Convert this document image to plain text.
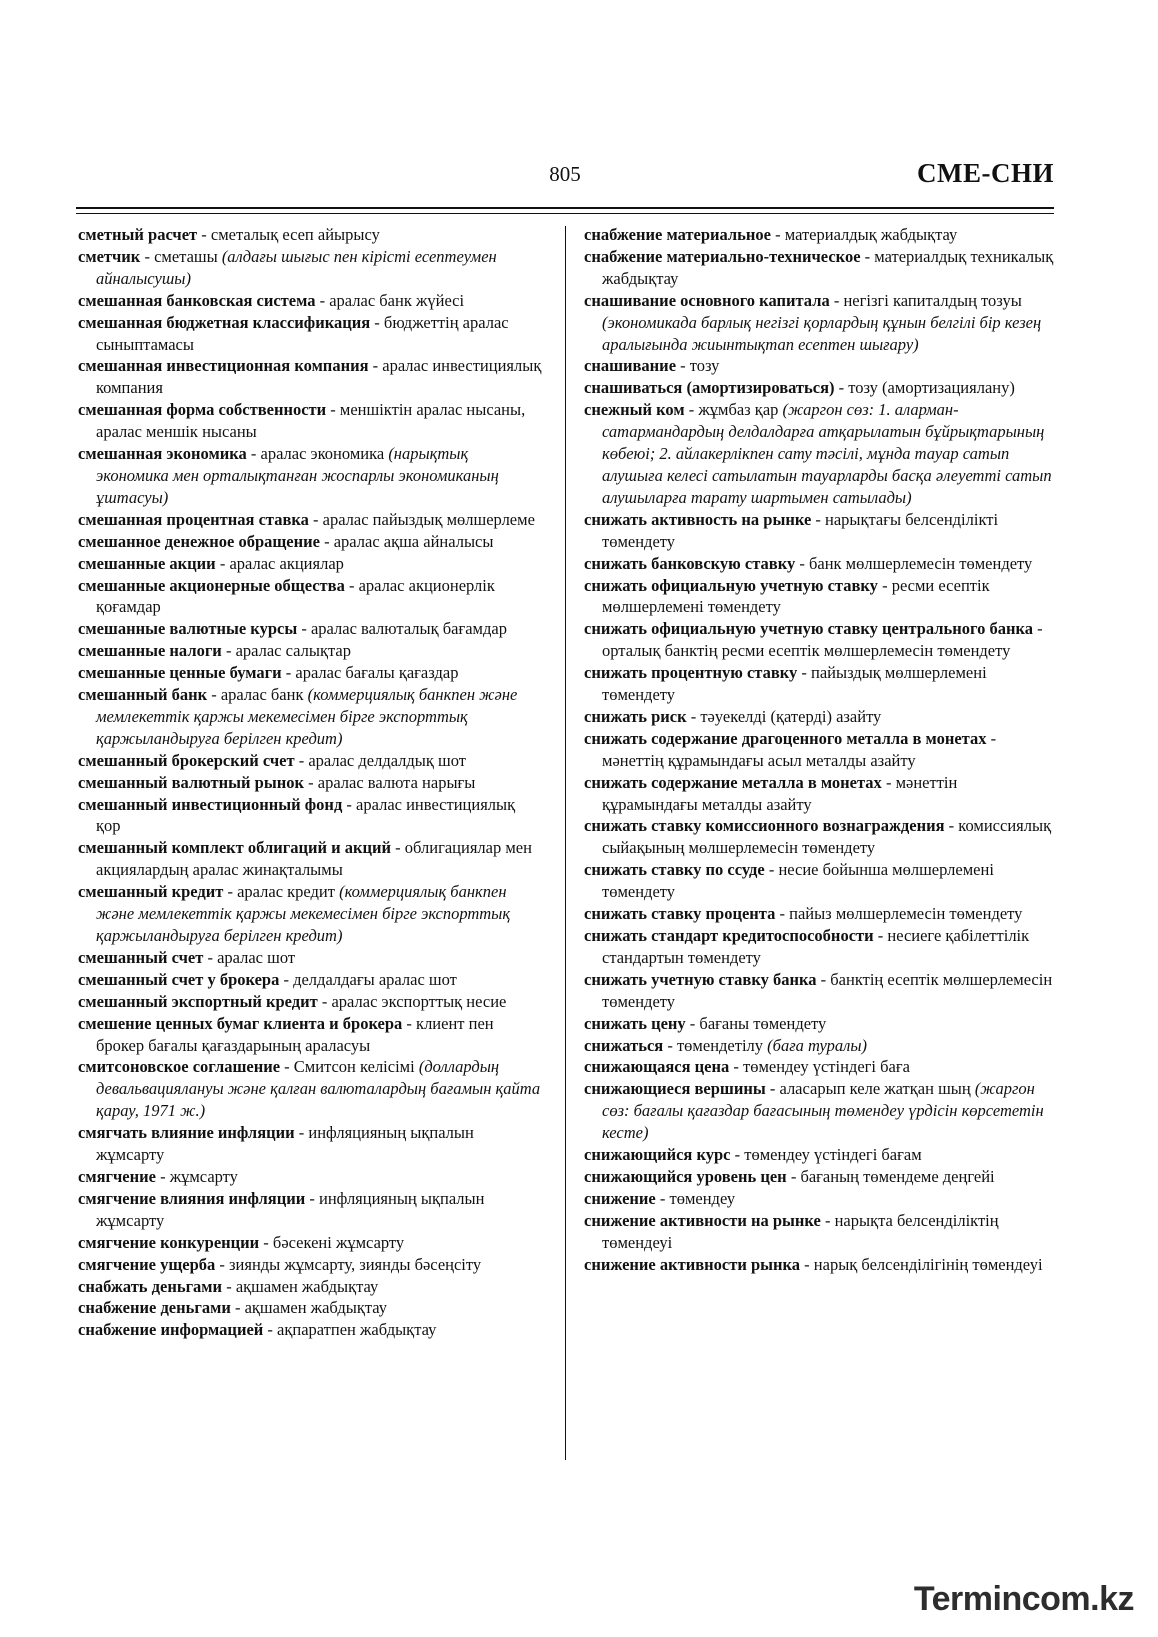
805	СМЕ-СНИ

сметный расчет - сметалық есеп айырысу

сметчик - сметашы (алдағы шығыс пен кірісті есептеумен айналысушы)

смешанная банковская система - аралас банк жүйесі

смешанная бюджетная классификация - бюджеттің аралас сыныптамасы

смешанная инвестиционная компания - аралас инвестициялық компания

смешанная форма собственности - меншіктін аралас нысаны, аралас меншік нысаны

смешанная экономика - аралас экономика (нарықтық экономика мен орталықтанған жоспарлы экономиканың ұштасуы)

смешанная процентная ставка - аралас пайыздық мөлшерлеме

смешанное денежное обращение - аралас ақша айналысы

смешанные акции - аралас акциялар

смешанные акционерные общества - аралас акционерлік қоғамдар

смешанные валютные курсы - аралас валюталық бағамдар

смешанные налоги - аралас салықтар

смешанные ценные бумаги - аралас бағалы қағаздар

смешанный банк - аралас банк (коммерциялық банкпен және мемлекеттік қаржы мекемесімен бірге экспорттық қаржыландыруға берілген кредит)

смешанный брокерский счет - аралас делдалдық шот

смешанный валютный рынок - аралас валюта нарығы

смешанный инвестиционный фонд - аралас инвестициялық қор

смешанный комплект облигаций и акций - облигациялар мен акциялардың аралас жинақталымы

смешанный кредит - аралас кредит (коммерциялық банкпен және мемлекеттік қаржы мекемесімен бірге экспорттық қаржыландыруға берілген кредит)

смешанный счет - аралас шот

смешанный счет у брокера - делдалдағы аралас шот

смешанный экспортный кредит - аралас экспорттық несие

смешение ценных бумаг клиента и брокера - клиент пен брокер бағалы қағаздарының араласуы

смитсоновское соглашение - Смитсон келісімі (доллардың девальвациялануы және қалған валюталардың бағамын қайта қарау, 1971 ж.)

смягчать влияние инфляции - инфляцияның ықпалын жұмсарту

смягчение - жұмсарту

смягчение влияния инфляции - инфляцияның ықпалын жұмсарту

смягчение конкуренции - бәсекені жұмсарту

смягчение ущерба - зиянды жұмсарту, зиянды бәсеңсіту

снабжать деньгами - ақшамен жабдықтау

снабжение деньгами - ақшамен жабдықтау

снабжение информацией - ақпаратпен жабдықтау

снабжение материальное - материалдық жабдықтау

снабжение материально-техническое - материалдық техникалық жабдықтау

снашивание основного капитала - негізгі капиталдың тозуы (экономикада барлық негізгі қорлардың құнын белгілі бір кезең аралығында жиынтықтап есептен шығару)

снашивание - тозу

снашиваться (амортизироваться) - тозу (амортизациялану)

снежный ком - жұмбаз қар (жаргон сөз: 1. аларман-сатармандардың делдалдарға атқарылатын бұйрықтарының көбеюі; 2. айлакерлікпен сату тәсілі, мұнда тауар сатып алушыға келесі сатылатын тауарларды басқа әлеуетті сатып алушыларға тарату шартымен сатылады)

снижать активность на рынке - нарықтағы белсенділікті төмендету

снижать банковскую ставку - банк мөлшерлемесін төмендету

снижать официальную учетную ставку - ресми есептік мөлшерлемені төмендету

снижать официальную учетную ставку центрального банка - орталық банктің ресми есептік мөлшерлемесін төмендету

снижать процентную ставку - пайыздық мөлшерлемені төмендету

снижать риск - тәуекелді (қатерді) азайту

снижать содержание драгоценного металла в монетах - мәнеттің құрамындағы асыл металды азайту

снижать содержание металла в монетах - мәнеттін құрамындағы металды азайту

снижать ставку комиссионного вознаграждения - комиссиялық сыйақының мөлшерлемесін төмендету

снижать ставку по ссуде - несие бойынша мөлшерлемені төмендету

снижать ставку процента - пайыз мөлшерлемесін төмендету

снижать стандарт кредитоспособности - несиеге қабілеттілік стандартын төмендету

снижать учетную ставку банка - банктің есептік мөлшерлемесін төмендету

снижать цену - бағаны төмендету

снижаться - төмендетілу (баға туралы)

снижающаяся цена - төмендеу үстіндегі баға

снижающиеся вершины - аласарып келе жатқан шың (жаргон сөз: бағалы қағаздар бағасының төмендеу үрдісін көрсететін кесте)

снижающийся курс - төмендеу үстіндегі бағам

снижающийся уровень цен - бағаның төмендеме деңгейі

снижение - төмендеу

снижение активности на рынке - нарықта белсенділіктің төмендеуі

снижение активности рынка - нарық белсенділігінің төмендеуі

Termincom.kz
